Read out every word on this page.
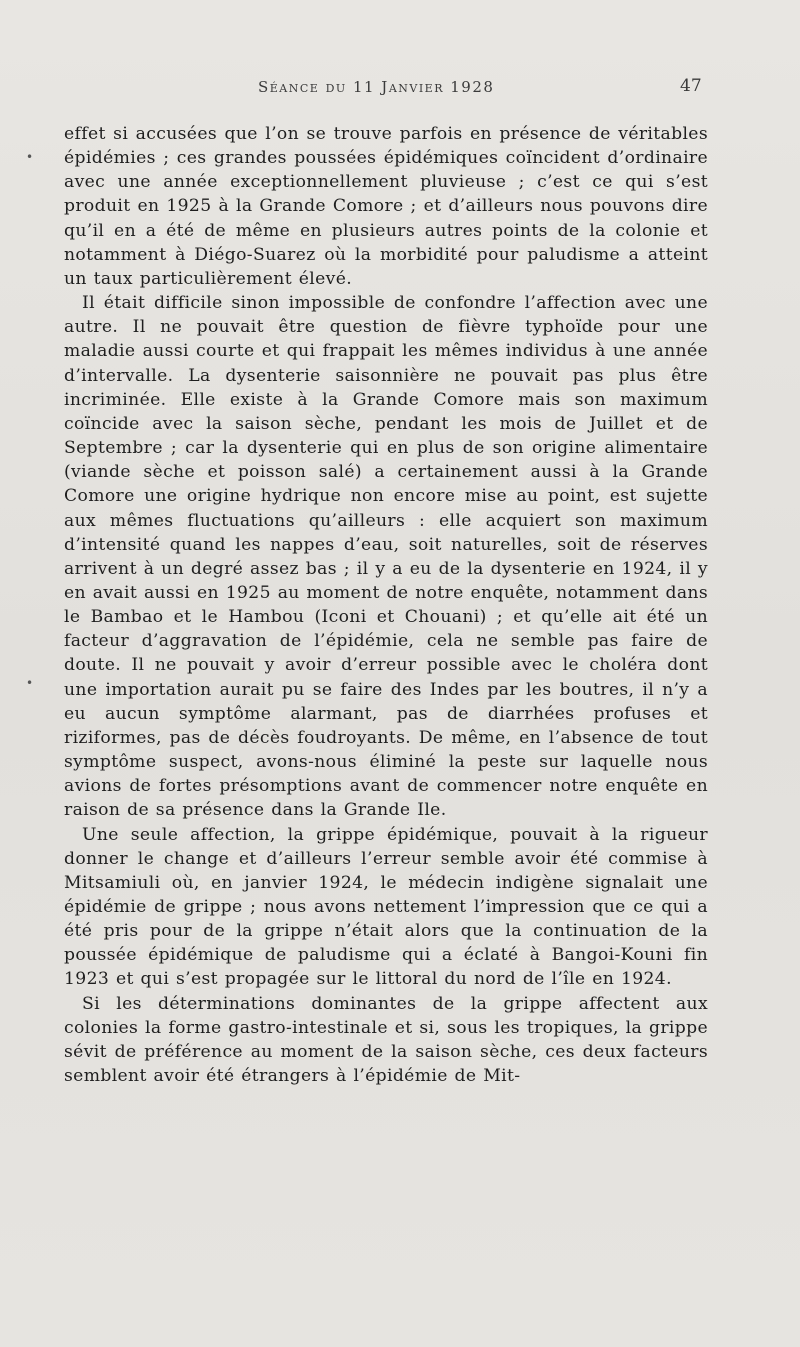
Séance du 11 Janvier 1928	47
•
•

effet si accusées que l’on se trouve parfois en présence de véritables épidémies ; ces grandes poussées épidémiques coïncident d’ordinaire avec une année exceptionnellement pluvieuse ; c’est ce qui s’est produit en 1925 à la Grande Comore ; et d’ailleurs nous pouvons dire qu’il en a été de même en plusieurs autres points de la colonie et notamment à Diégo-Suarez où la morbidité pour paludisme a atteint un taux particulièrement élevé.

Il était difficile sinon impossible de confondre l’affection avec une autre. Il ne pouvait être question de fièvre typhoïde pour une maladie aussi courte et qui frappait les mêmes individus à une année d’intervalle. La dysenterie saisonnière ne pouvait pas plus être incriminée. Elle existe à la Grande Comore mais son maximum coïncide avec la saison sèche, pendant les mois de Juillet et de Septembre ; car la dysenterie qui en plus de son origine alimentaire (viande sèche et poisson salé) a certainement aussi à la Grande Comore une origine hydrique non encore mise au point, est sujette aux mêmes fluctuations qu’ailleurs : elle acquiert son maximum d’intensité quand les nappes d’eau, soit naturelles, soit de réserves arrivent à un degré assez bas ; il y a eu de la dysenterie en 1924, il y en avait aussi en 1925 au moment de notre enquête, notamment dans le Bambao et le Hambou (Iconi et Chouani) ; et qu’elle ait été un facteur d’aggravation de l’épidémie, cela ne semble pas faire de doute. Il ne pouvait y avoir d’erreur possible avec le choléra dont une importation aurait pu se faire des Indes par les boutres, il n’y a eu aucun symptôme alarmant, pas de diarrhées profuses et riziformes, pas de décès foudroyants. De même, en l’absence de tout symptôme suspect, avons-nous éliminé la peste sur laquelle nous avions de fortes présomptions avant de commencer notre enquête en raison de sa présence dans la Grande Ile.

Une seule affection, la grippe épidémique, pouvait à la rigueur donner le change et d’ailleurs l’erreur semble avoir été commise à Mitsamiuli où, en janvier 1924, le médecin indigène signalait une épidémie de grippe ; nous avons nettement l’impression que ce qui a été pris pour de la grippe n’était alors que la continuation de la poussée épidémique de paludisme qui a éclaté à Bangoi-Kouni fin 1923 et qui s’est propagée sur le littoral du nord de l’île en 1924.

Si les déterminations dominantes de la grippe affectent aux colonies la forme gastro-intestinale et si, sous les tropiques, la grippe sévit de préférence au moment de la saison sèche, ces deux facteurs semblent avoir été étrangers à l’épidémie de Mit-
